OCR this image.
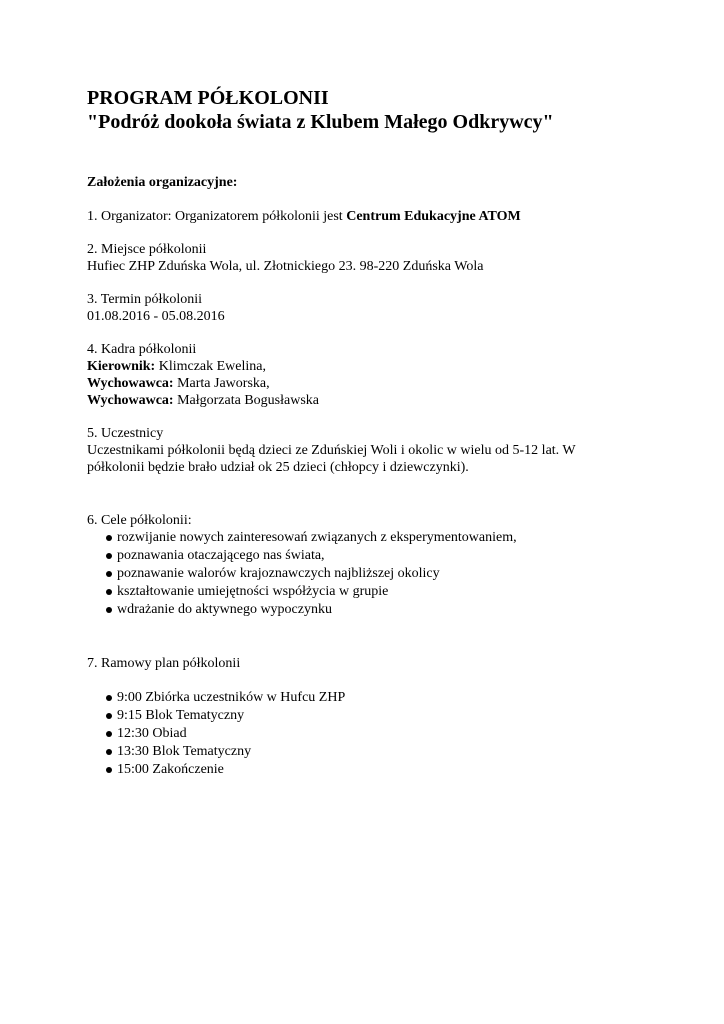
PROGRAM PÓŁKOLONII
"Podróż dookoła świata z Klubem Małego Odkrywcy"
Założenia organizacyjne:
1. Organizator: Organizatorem półkolonii jest Centrum Edukacyjne ATOM
2. Miejsce półkolonii
Hufiec ZHP Zduńska Wola, ul. Złotnickiego 23. 98-220 Zduńska Wola
3. Termin półkolonii
01.08.2016 - 05.08.2016
4. Kadra półkolonii
Kierownik: Klimczak Ewelina,
Wychowawca: Marta Jaworska,
Wychowawca: Małgorzata Bogusławska
5. Uczestnicy
Uczestnikami półkolonii będą dzieci ze Zduńskiej Woli i okolic w wielu od 5-12 lat. W
półkolonii będzie brało udział ok 25 dzieci (chłopcy i dziewczynki).
6. Cele półkolonii:
rozwijanie nowych zainteresowań związanych z eksperymentowaniem,
poznawania otaczającego nas świata,
poznawanie walorów krajoznawczych najbliższej okolicy
kształtowanie umiejętności współżycia w grupie
wdrażanie do aktywnego wypoczynku
7. Ramowy plan półkolonii
9:00 Zbiórka uczestników w Hufcu ZHP
9:15 Blok Tematyczny
12:30 Obiad
13:30 Blok Tematyczny
15:00 Zakończenie
